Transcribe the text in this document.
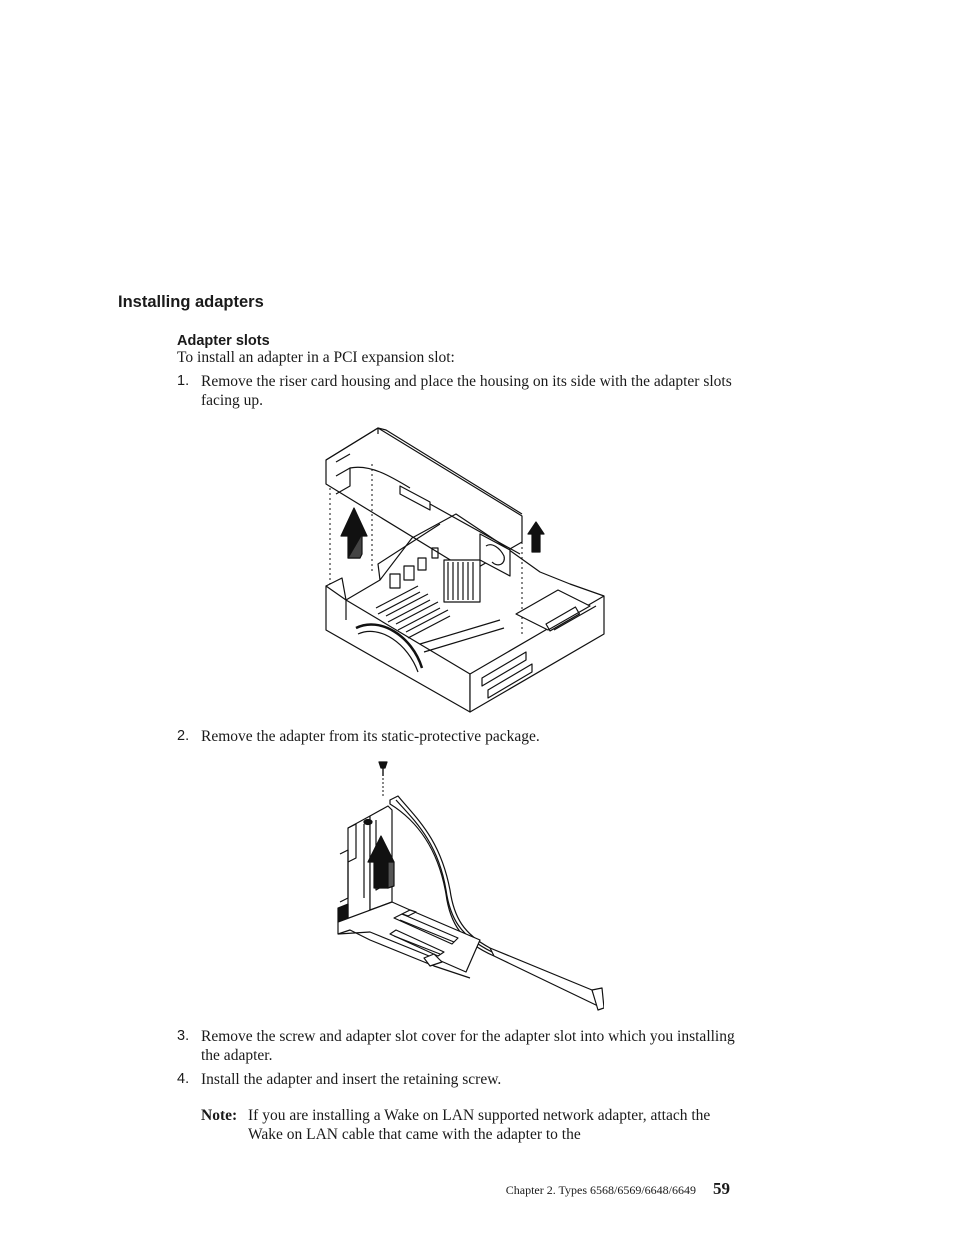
Installing adapters
Adapter slots
To install an adapter in a PCI expansion slot:
1. Remove the riser card housing and place the housing on its side with the adapter slots facing up.
2. Remove the adapter from its static-protective package.
3. Remove the screw and adapter slot cover for the adapter slot into which you installing the adapter.
4. Install the adapter and insert the retaining screw.
Note: If you are installing a Wake on LAN supported network adapter, attach the Wake on LAN cable that came with the adapter to the
Chapter 2. Types 6568/6569/6648/6649 59
